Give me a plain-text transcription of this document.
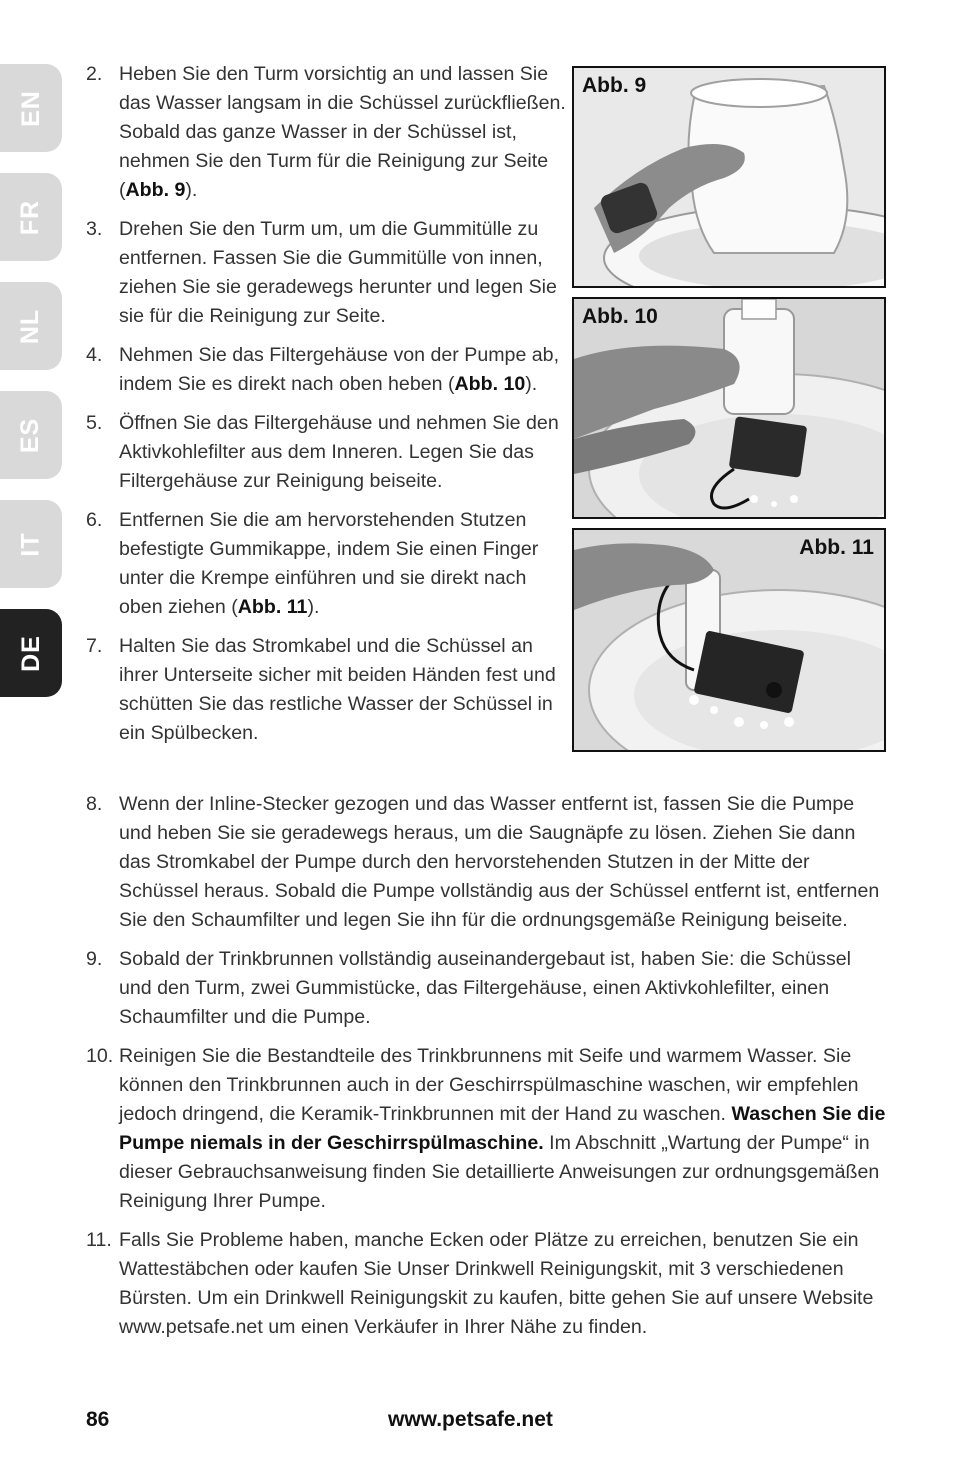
EN
FR
NL
ES
IT
DE
2. Heben Sie den Turm vorsichtig an und lassen Sie das Wasser langsam in die Schüssel zurückfließen. Sobald das ganze Wasser in der Schüssel ist, nehmen Sie den Turm für die Reinigung zur Seite (Abb. 9).
3. Drehen Sie den Turm um, um die Gummitülle zu entfernen. Fassen Sie die Gummitülle von innen, ziehen Sie sie geradewegs herunter und legen Sie sie für die Reinigung zur Seite.
4. Nehmen Sie das Filtergehäuse von der Pumpe ab, indem Sie es direkt nach oben heben (Abb. 10).
5. Öffnen Sie das Filtergehäuse und nehmen Sie den Aktivkohlefilter aus dem Inneren. Legen Sie das Filtergehäuse zur Reinigung beiseite.
6. Entfernen Sie die am hervorstehenden Stutzen befestigte Gummikappe, indem Sie einen Finger unter die Krempe einführen und sie direkt nach oben ziehen (Abb. 11).
7. Halten Sie das Stromkabel und die Schüssel an ihrer Unterseite sicher mit beiden Händen fest und schütten Sie das restliche Wasser der Schüssel in ein Spülbecken.
8. Wenn der Inline-Stecker gezogen und das Wasser entfernt ist, fassen Sie die Pumpe und heben Sie sie geradewegs heraus, um die Saugnäpfe zu lösen. Ziehen Sie dann das Stromkabel der Pumpe durch den hervorstehenden Stutzen in der Mitte der Schüssel heraus. Sobald die Pumpe vollständig aus der Schüssel entfernt ist, entfernen Sie den Schaumfilter und legen Sie ihn für die ordnungsgemäße Reinigung beiseite.
9. Sobald der Trinkbrunnen vollständig auseinandergebaut ist, haben Sie: die Schüssel und den Turm, zwei Gummistücke, das Filtergehäuse, einen Aktivkohlefilter, einen Schaumfilter und die Pumpe.
10. Reinigen Sie die Bestandteile des Trinkbrunnens mit Seife und warmem Wasser. Sie können den Trinkbrunnen auch in der Geschirrspülmaschine waschen, wir empfehlen jedoch dringend, die Keramik-Trinkbrunnen mit der Hand zu waschen. Waschen Sie die Pumpe niemals in der Geschirrspülmaschine. Im Abschnitt „Wartung der Pumpe“ in dieser Gebrauchsanweisung finden Sie detaillierte Anweisungen zur ordnungsgemäßen Reinigung Ihrer Pumpe.
11. Falls Sie Probleme haben, manche Ecken oder Plätze zu erreichen, benutzen Sie ein Wattestäbchen oder kaufen Sie Unser Drinkwell Reinigungskit, mit 3 verschiedenen Bürsten. Um ein Drinkwell Reinigungskit zu kaufen, bitte gehen Sie auf unsere Website www.petsafe.net um einen Verkäufer in Ihrer Nähe zu finden.
Abb. 9
Abb. 10
Abb. 11
86	www.petsafe.net
